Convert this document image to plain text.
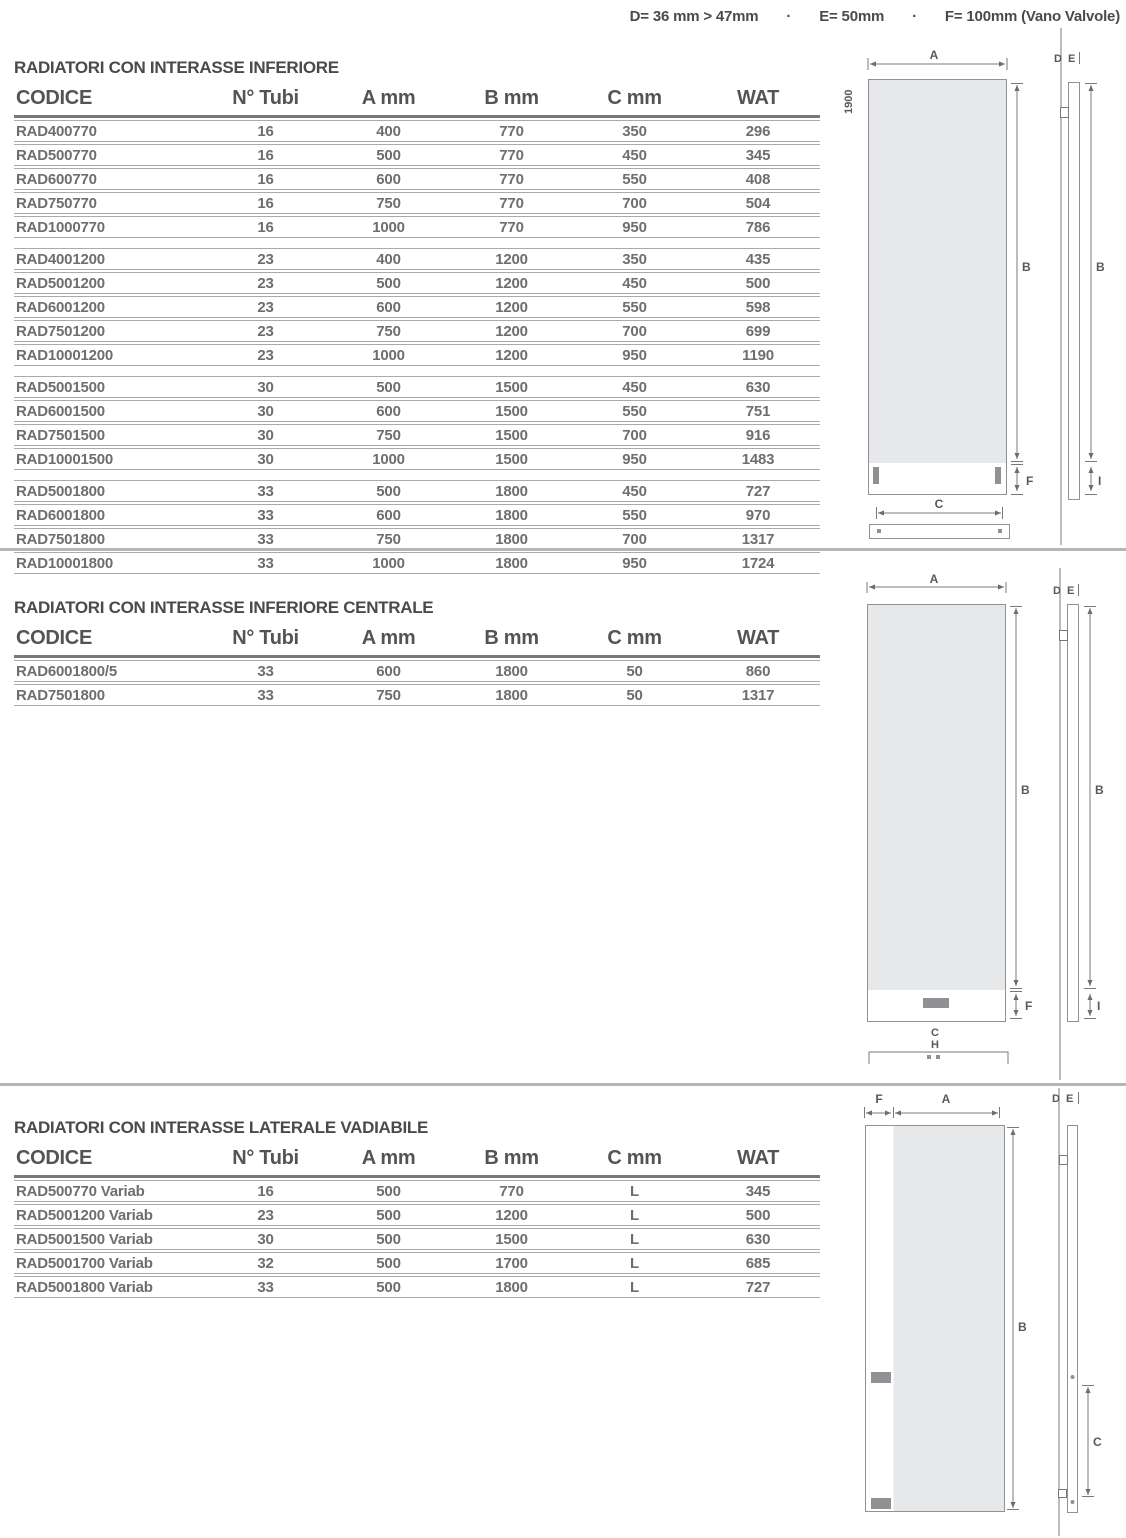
D= 36 mm > 47mm	·	E= 50mm	·	F= 100mm (Vano Valvole)
RADIATORI CON INTERASSE INFERIORE
CODICE	N° Tubi	A mm	B mm	C mm	WAT
RAD400770	16	400	770	350	296
RAD500770	16	500	770	450	345
RAD600770	16	600	770	550	408
RAD750770	16	750	770	700	504
RAD1000770	16	1000	770	950	786

RAD4001200	23	400	1200	350	435
RAD5001200	23	500	1200	450	500
RAD6001200	23	600	1200	550	598
RAD7501200	23	750	1200	700	699
RAD10001200	23	1000	1200	950	1190

RAD5001500	30	500	1500	450	630
RAD6001500	30	600	1500	550	751
RAD7501500	30	750	1500	700	916
RAD10001500	30	1000	1500	950	1483

RAD5001800	33	500	1800	450	727
RAD6001800	33	600	1800	550	970
RAD7501800	33	750	1800	700	1317
RAD10001800	33	1000	1800	950	1724
RADIATORI CON INTERASSE INFERIORE CENTRALE
CODICE	N° Tubi	A mm	B mm	C mm	WAT
RAD6001800/5	33	600	1800	50	860
RAD7501800	33	750	1800	50	1317
RADIATORI CON INTERASSE LATERALE VADIABILE
CODICE	N° Tubi	A mm	B mm	C mm	WAT
RAD500770 Variab	16	500	770	L	345
RAD5001200 Variab	23	500	1200	L	500
RAD5001500 Variab	30	500	1500	L	630
RAD5001700 Variab	32	500	1700	L	685
RAD5001800 Variab	33	500	1800	L	727
1900
A
B
F
C
D E
B
I
A
B
F
C
H
D E
B
I
F	A
B
D E
C
